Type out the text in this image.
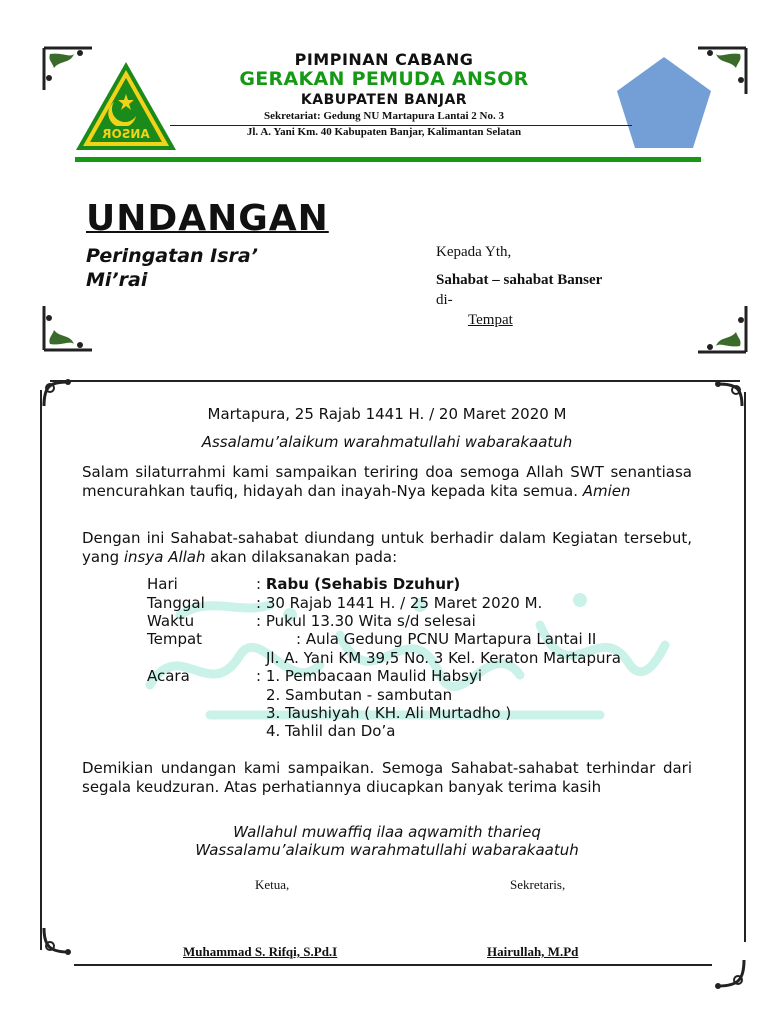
ANSOR
PIMPINAN CABANG
GERAKAN PEMUDA ANSOR
KABUPATEN BANJAR
Sekretariat: Gedung NU Martapura Lantai 2 No. 3
Jl. A. Yani Km. 40 Kabupaten Banjar, Kalimantan Selatan
UNDANGAN
Peringatan Isra’ Mi’rai
Kepada Yth,
Sahabat – sahabat Banser
di-
Tempat
Martapura, 25 Rajab 1441 H. / 20 Maret 2020 M
Assalamu’alaikum warahmatullahi wabarakaatuh
Salam silaturrahmi kami sampaikan teriring doa semoga Allah SWT senantiasa mencurahkan taufiq, hidayah dan inayah-Nya kepada kita semua. Amien
Dengan ini Sahabat-sahabat diundang untuk berhadir dalam Kegiatan tersebut, yang insya Allah akan dilaksanakan pada:
Hari	: Rabu (Sehabis Dzuhur)
Tanggal	: 30 Rajab 1441 H. / 25 Maret 2020 M.
Waktu	: Pukul 13.30 Wita s/d selesai
Tempat	: Aula Gedung PCNU Martapura Lantai II
Jl. A. Yani KM 39,5 No. 3 Kel. Keraton Martapura
Acara	: 1. Pembacaan Maulid Habsyi
2. Sambutan - sambutan
3. Taushiyah ( KH. Ali Murtadho )
4. Tahlil dan Do’a
Demikian undangan kami sampaikan. Semoga Sahabat-sahabat terhindar dari segala keudzuran. Atas perhatiannya diucapkan banyak terima kasih
Wallahul muwaffiq ilaa aqwamith tharieq
Wassalamu’alaikum warahmatullahi wabarakaatuh
Ketua,	Sekretaris,
Muhammad S. Rifqi, S.Pd.I	Hairullah, M.Pd
